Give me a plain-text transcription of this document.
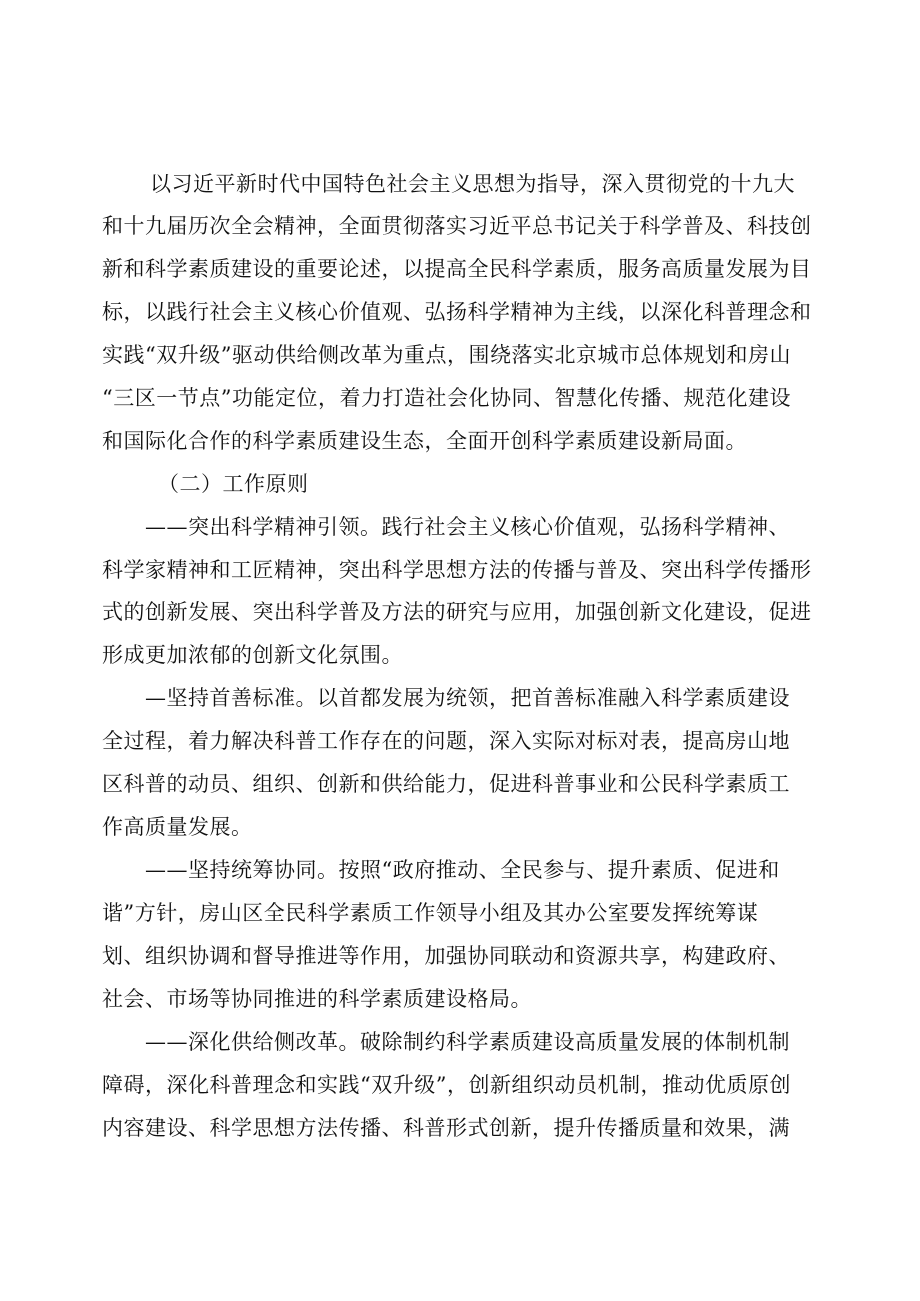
以习近平新时代中国特色社会主义思想为指导，深入贯彻党的十九大
和十九届历次全会精神，全面贯彻落实习近平总书记关于科学普及、科技创
新和科学素质建设的重要论述，以提高全民科学素质，服务高质量发展为目
标，以践行社会主义核心价值观、弘扬科学精神为主线，以深化科普理念和
实践“双升级”驱动供给侧改革为重点，围绕落实北京城市总体规划和房山
“三区一节点”功能定位，着力打造社会化协同、智慧化传播、规范化建设
和国际化合作的科学素质建设生态，全面开创科学素质建设新局面。
（二）工作原则
——突出科学精神引领。践行社会主义核心价值观，弘扬科学精神、
科学家精神和工匠精神，突出科学思想方法的传播与普及、突出科学传播形
式的创新发展、突出科学普及方法的研究与应用，加强创新文化建设，促进
形成更加浓郁的创新文化氛围。
—坚持首善标准。以首都发展为统领，把首善标准融入科学素质建设
全过程，着力解决科普工作存在的问题，深入实际对标对表，提高房山地
区科普的动员、组织、创新和供给能力，促进科普事业和公民科学素质工
作高质量发展。
——坚持统筹协同。按照“政府推动、全民参与、提升素质、促进和
谐”方针，房山区全民科学素质工作领导小组及其办公室要发挥统筹谋
划、组织协调和督导推进等作用，加强协同联动和资源共享，构建政府、
社会、市场等协同推进的科学素质建设格局。
——深化供给侧改革。破除制约科学素质建设高质量发展的体制机制
障碍，深化科普理念和实践“双升级”，创新组织动员机制，推动优质原创
内容建设、科学思想方法传播、科普形式创新，提升传播质量和效果，满
